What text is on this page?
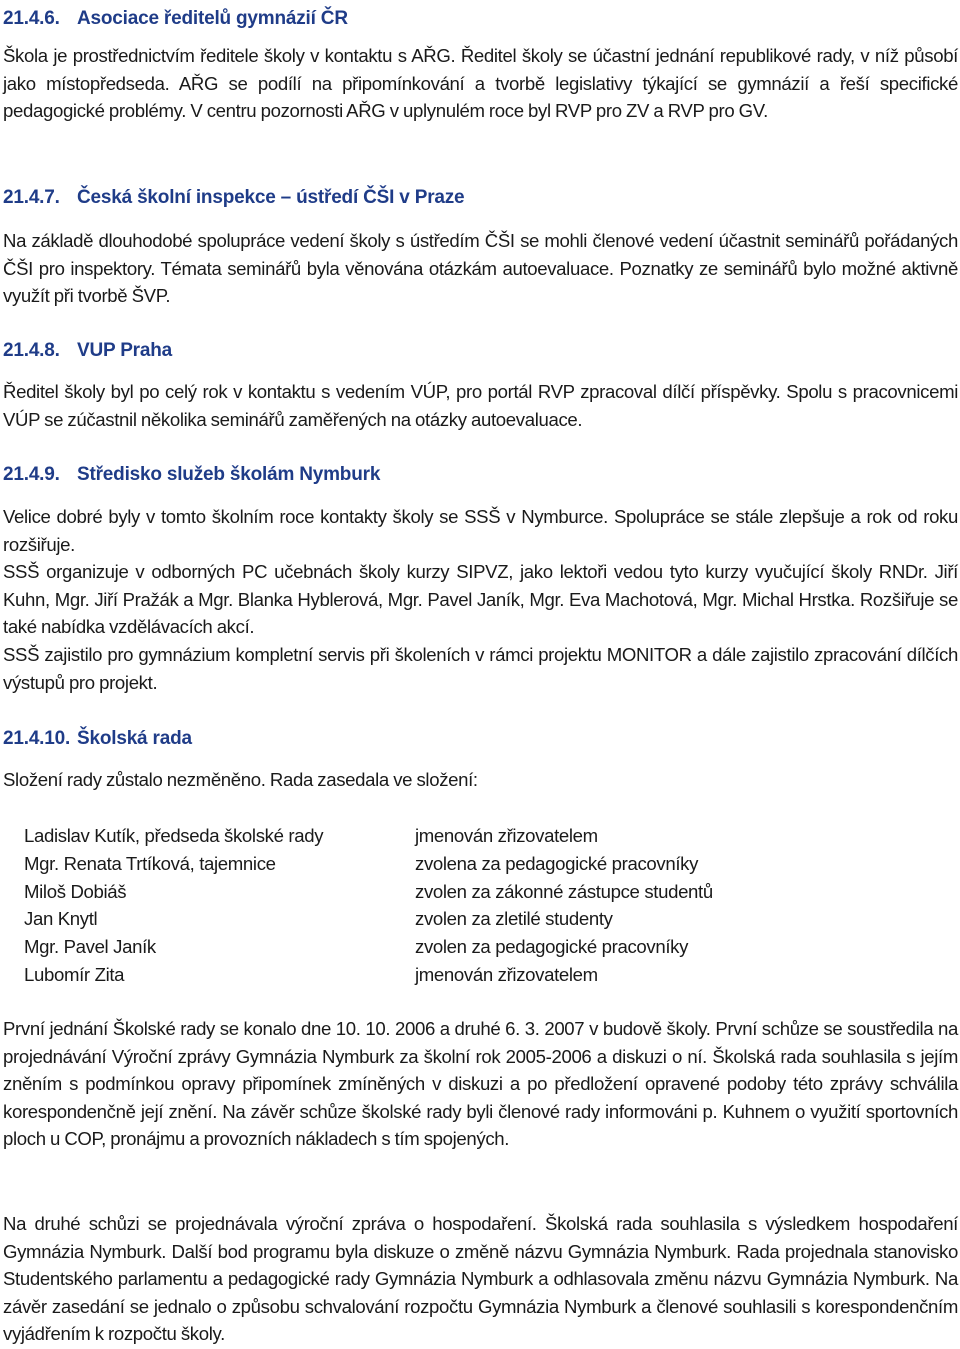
21.4.6. Asociace ředitelů gymnázií ČR

Škola je prostřednictvím ředitele školy v kontaktu s AŘG. Ředitel školy se účastní jednání republikové rady, v níž působí jako místopředseda. AŘG se podílí na připomínkování a tvorbě legislativy týkající se gymnázií a řeší specifické pedagogické problémy. V centru pozornosti AŘG v uplynulém roce byl RVP pro ZV a RVP pro GV.

21.4.7. Česká školní inspekce – ústředí ČŠI v Praze

Na základě dlouhodobé spolupráce vedení školy s ústředím ČŠI se mohli členové vedení účastnit seminářů pořádaných ČŠI pro inspektory. Témata seminářů byla věnována otázkám autoevaluace. Poznatky ze seminářů bylo možné aktivně využít při tvorbě ŠVP.

21.4.8. VUP Praha

Ředitel školy byl po celý rok v kontaktu s vedením VÚP, pro portál RVP zpracoval dílčí příspěvky. Spolu s pracovnicemi VÚP se zúčastnil několika seminářů zaměřených na otázky autoevaluace.

21.4.9. Středisko služeb školám Nymburk

Velice dobré byly v tomto školním roce kontakty školy se SSŠ v Nymburce. Spolupráce se stále zlepšuje a rok od roku rozšiřuje.

SSŠ organizuje v odborných PC učebnách školy kurzy SIPVZ, jako lektoři vedou tyto kurzy vyučující školy RNDr. Jiří Kuhn, Mgr. Jiří Pražák a Mgr. Blanka Hyblerová, Mgr. Pavel Janík, Mgr. Eva Machotová, Mgr. Michal Hrstka. Rozšiřuje se také nabídka vzdělávacích akcí.

SSŠ zajistilo pro gymnázium kompletní servis při školeních v rámci projektu MONITOR a dále zajistilo zpracování dílčích výstupů pro projekt.

21.4.10. Školská rada

Složení rady zůstalo nezměněno. Rada zasedala ve složení:

Ladislav Kutík, předseda školské rady	jmenován zřizovatelem
Mgr. Renata Trtíková, tajemnice	zvolena za pedagogické pracovníky
Miloš Dobiáš	zvolen za zákonné zástupce studentů
Jan Knytl	zvolen za zletilé studenty
Mgr. Pavel Janík	zvolen za pedagogické pracovníky
Lubomír Zita	jmenován zřizovatelem

První jednání Školské rady se konalo dne 10. 10. 2006 a druhé 6. 3. 2007 v budově školy. První schůze se soustředila na projednávání Výroční zprávy Gymnázia Nymburk za školní rok 2005-2006 a diskuzi o ní. Školská rada souhlasila s jejím zněním s podmínkou opravy připomínek zmíněných v diskuzi a po předložení opravené podoby této zprávy schválila korespondenčně její znění. Na závěr schůze školské rady byli členové rady informováni p. Kuhnem o využití sportovních ploch u COP, pronájmu a provozních nákladech s tím spojených.

Na druhé schůzi se projednávala výroční zpráva o hospodaření. Školská rada souhlasila s výsledkem hospodaření Gymnázia Nymburk. Další bod programu byla diskuze o změně názvu Gymnázia Nymburk. Rada projednala stanovisko Studentského parlamentu a pedagogické rady Gymnázia Nymburk a odhlasovala změnu názvu Gymnázia Nymburk. Na závěr zasedání se jednalo o způsobu schvalování rozpočtu Gymnázia Nymburk a členové souhlasili s korespondenčním vyjádřením k rozpočtu školy.
